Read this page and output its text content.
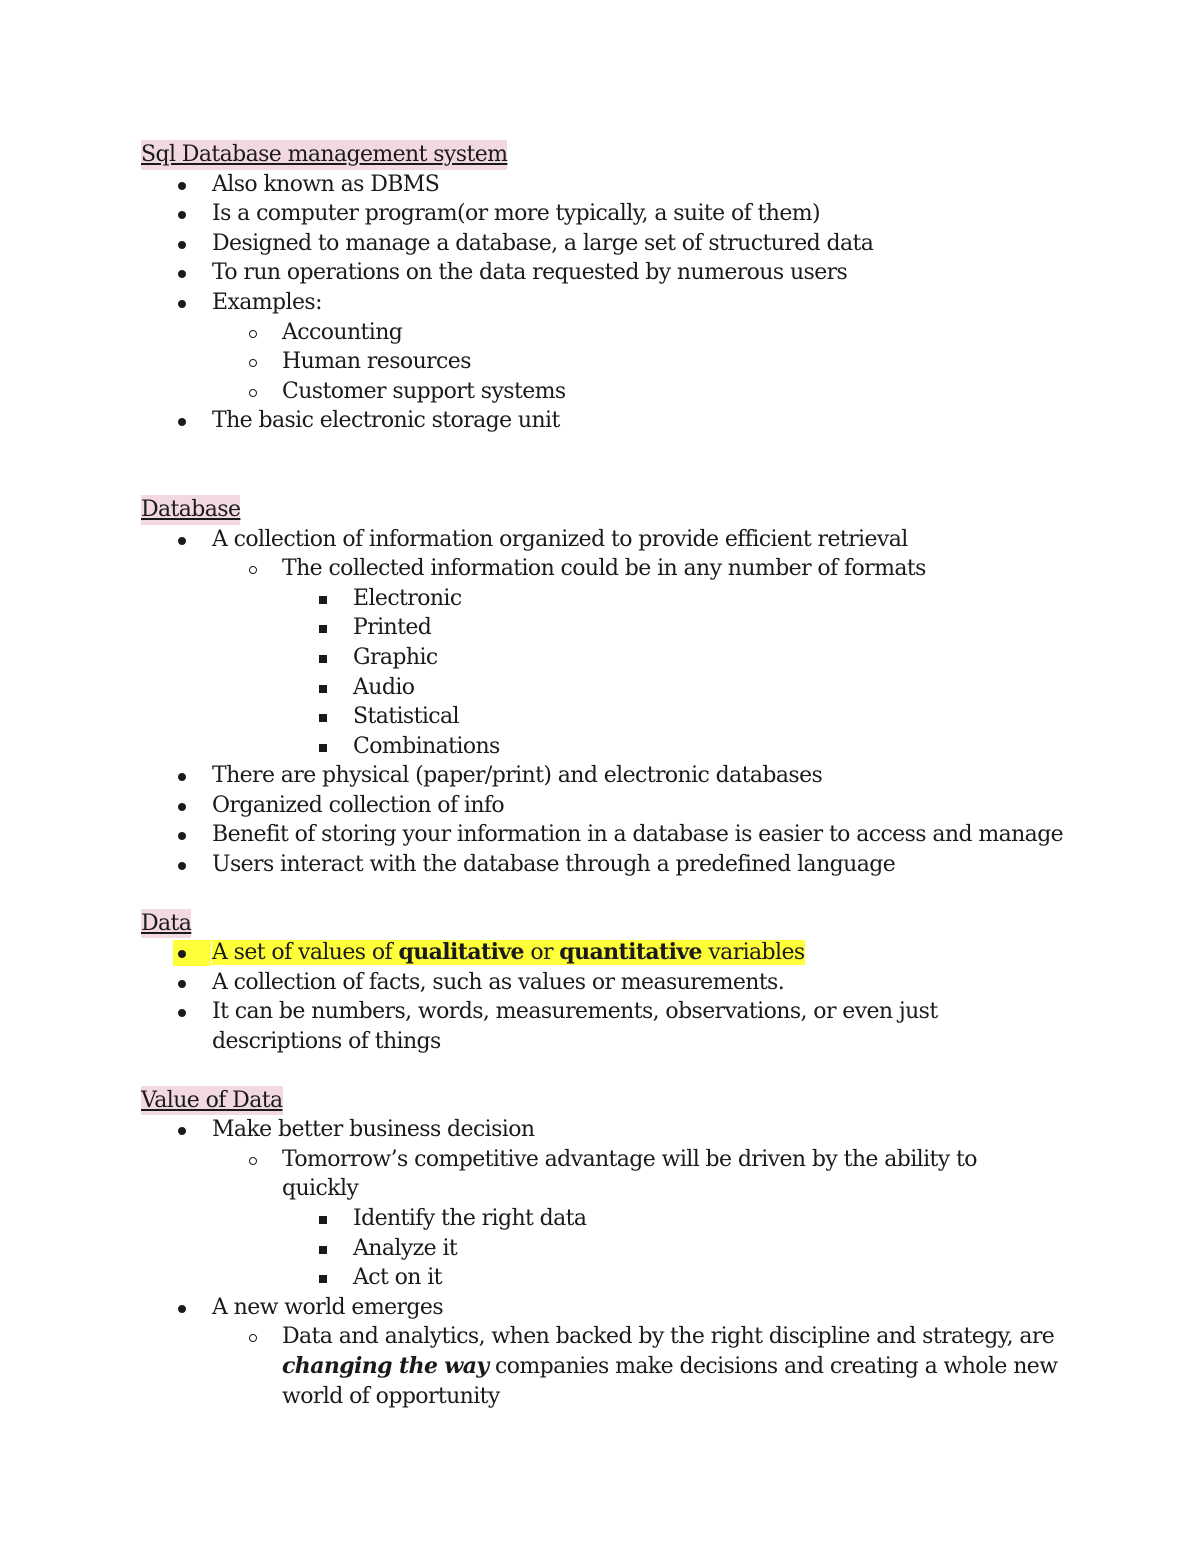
Sql Database management system
Also known as DBMS
Is a computer program(or more typically, a suite of them)
Designed to manage a database, a large set of structured data
To run operations on the data requested by numerous users
Examples:
Accounting
Human resources
Customer support systems
The basic electronic storage unit
Database
A collection of information organized to provide efficient retrieval
The collected information could be in any number of formats
Electronic
Printed
Graphic
Audio
Statistical
Combinations
There are physical (paper/print) and electronic databases
Organized collection of info
Benefit of storing your information in a database is easier to access and manage
Users interact with the database through a predefined language
Data
A set of values of qualitative or quantitative variables
A collection of facts, such as values or measurements.
It can be numbers, words, measurements, observations, or even just
descriptions of things
Value of Data
Make better business decision
Tomorrow’s competitive advantage will be driven by the ability to
quickly
Identify the right data
Analyze it
Act on it
A new world emerges
Data and analytics, when backed by the right discipline and strategy, are
changing the way companies make decisions and creating a whole new
world of opportunity
